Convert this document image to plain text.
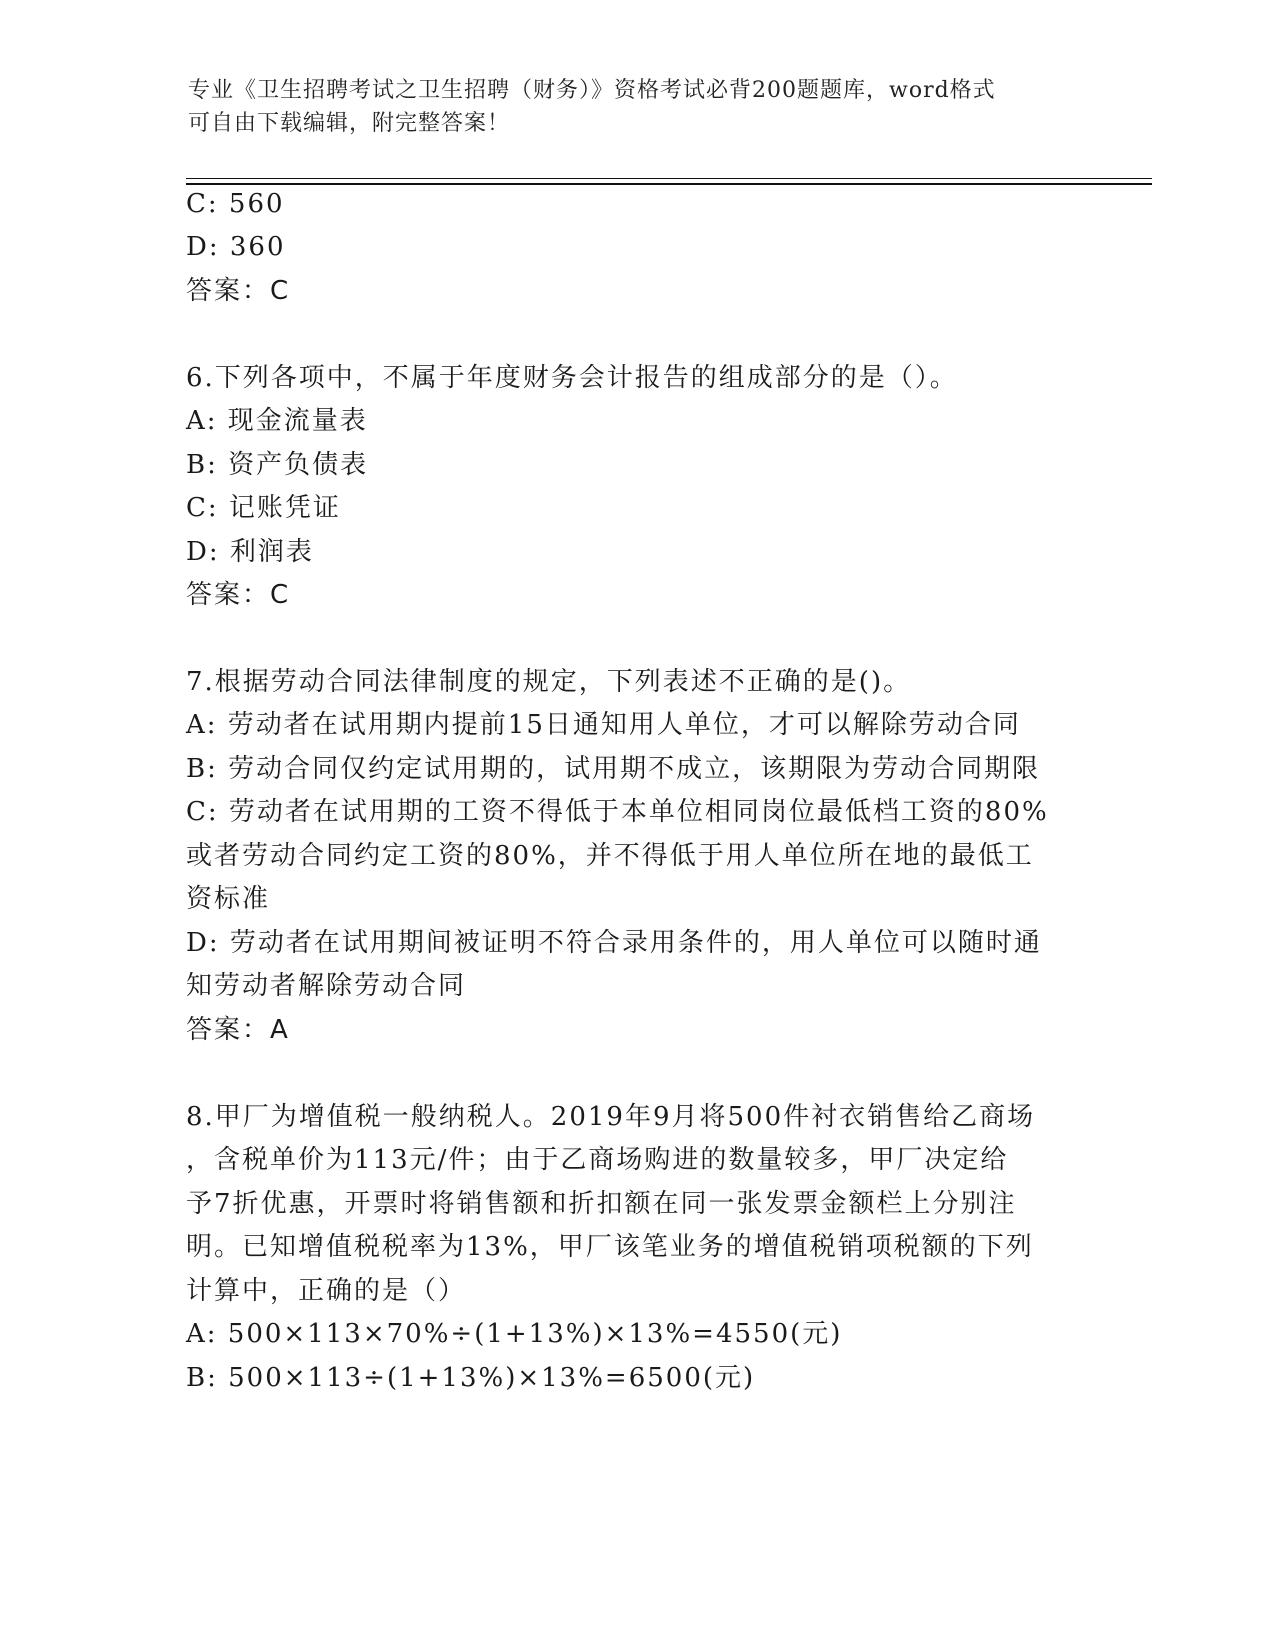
专业《卫生招聘考试之卫生招聘（财务）》资格考试必背200题题库，word格式
可自由下载编辑，附完整答案！
C: 560
D: 360
答案：C
6.下列各项中，不属于年度财务会计报告的组成部分的是（）。
A: 现金流量表
B: 资产负债表
C: 记账凭证
D: 利润表
答案：C
7.根据劳动合同法律制度的规定，下列表述不正确的是()。
A: 劳动者在试用期内提前15日通知用人单位，才可以解除劳动合同
B: 劳动合同仅约定试用期的，试用期不成立，该期限为劳动合同期限
C: 劳动者在试用期的工资不得低于本单位相同岗位最低档工资的80%
或者劳动合同约定工资的80%，并不得低于用人单位所在地的最低工
资标准
D: 劳动者在试用期间被证明不符合录用条件的，用人单位可以随时通
知劳动者解除劳动合同
答案：A
8.甲厂为增值税一般纳税人。2019年9月将500件衬衣销售给乙商场
，含税单价为113元/件；由于乙商场购进的数量较多，甲厂决定给
予7折优惠，开票时将销售额和折扣额在同一张发票金额栏上分别注
明。已知增值税税率为13%，甲厂该笔业务的增值税销项税额的下列
计算中，正确的是（）
A: 500×113×70%÷(1+13%)×13%=4550(元)
B: 500×113÷(1+13%)×13%=6500(元)
